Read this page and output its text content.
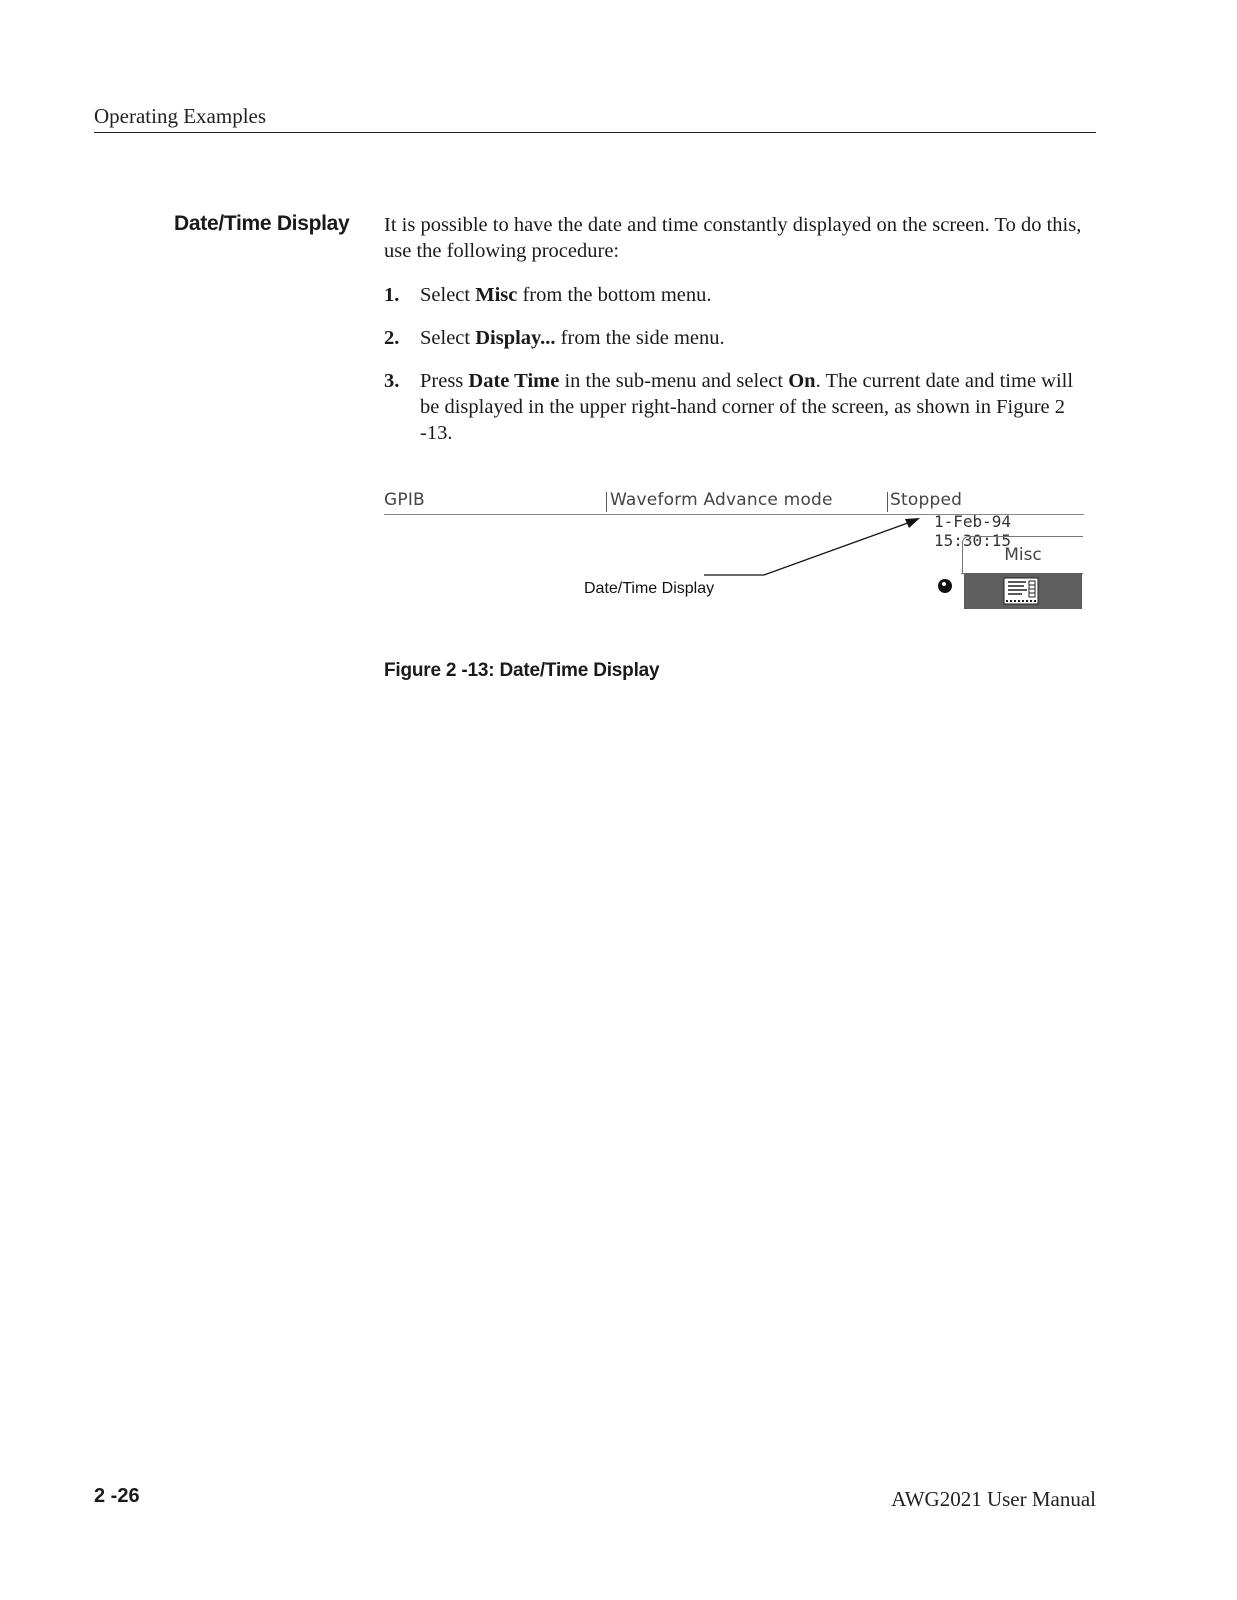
Operating Examples
Date/Time Display It is possible to have the date and time constantly displayed on the screen. To do this, use the following procedure:

1. Select Misc from the bottom menu.
2. Select Display... from the side menu.
3. Press Date Time in the sub-menu and select On. The current date and time will be displayed in the upper right-hand corner of the screen, as shown in Figure 2 -13.
GPIB	Waveform Advance mode	Stopped
1-Feb-94 15:30:15
Misc
Date/Time Display
Figure 2 -13: Date/Time Display
2 -26	AWG2021 User Manual
